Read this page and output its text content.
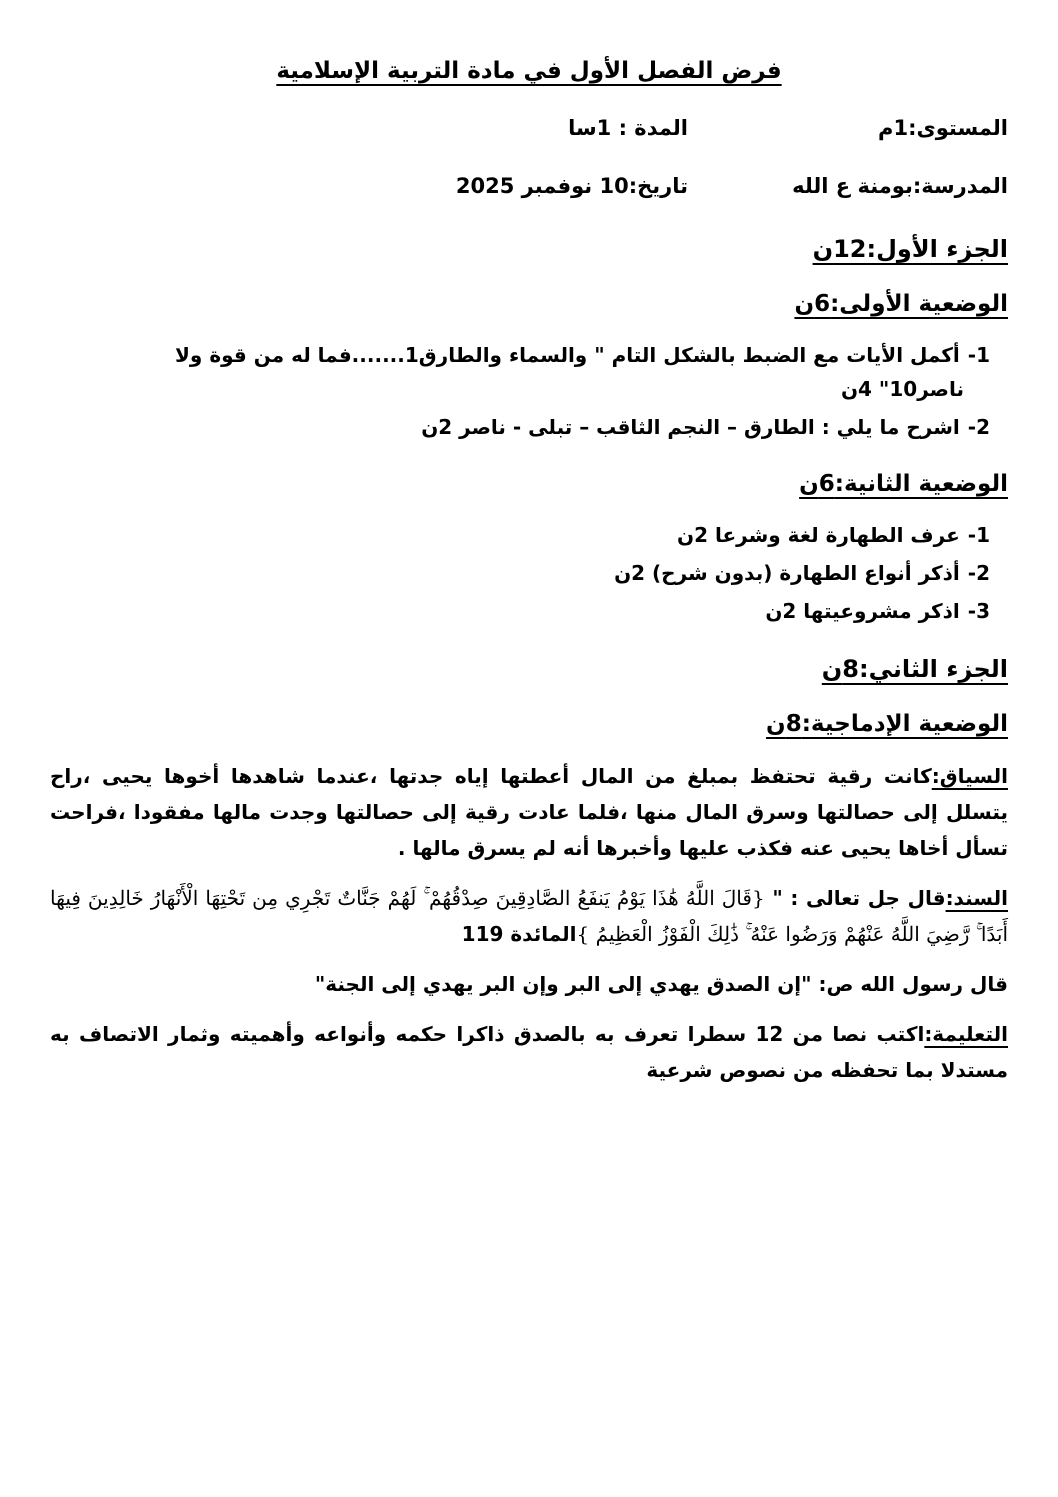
فرض الفصل الأول في مادة التربية الإسلامية
المستوى:1م
المدة : 1سا
المدرسة:بومنة ع الله
تاريخ:10 نوفمبر 2025
الجزء الأول:12ن
الوضعية الأولى:6ن
1-أكمل الأيات مع الضبط بالشكل التام " والسماء والطارق1.......فما له من قوة ولا
ناصر10" 4ن
2-اشرح ما يلي : الطارق – النجم الثاقب – تبلى - ناصر 2ن
الوضعية الثانية:6ن
1-عرف الطهارة لغة وشرعا 2ن
2-أذكر أنواع الطهارة (بدون شرح) 2ن
3-اذكر مشروعيتها 2ن
الجزء الثاني:8ن
الوضعية الإدماجية:8ن
السياق:كانت رقية تحتفظ بمبلغ من المال أعطتها إياه جدتها ،عندما شاهدها أخوها يحيى ،راح يتسلل إلى حصالتها وسرق المال منها ،فلما عادت رقية إلى حصالتها وجدت مالها مفقودا ،فراحت تسأل أخاها يحيى عنه فكذب عليها وأخبرها أنه لم يسرق مالها .
السند:قال جل تعالى : " {قَالَ اللَّهُ هَٰذَا يَوْمُ يَنفَعُ الصَّادِقِينَ صِدْقُهُمْ ۚ لَهُمْ جَنَّاتٌ تَجْرِي مِن تَحْتِهَا الْأَنْهَارُ خَالِدِينَ فِيهَا أَبَدًا ۚ رَّضِيَ اللَّهُ عَنْهُمْ وَرَضُوا عَنْهُ ۚ ذَٰلِكَ الْفَوْزُ الْعَظِيمُ }المائدة 119
قال رسول الله ص: "إن الصدق يهدي إلى البر وإن البر يهدي إلى الجنة"
التعليمة:اكتب نصا من 12 سطرا تعرف به بالصدق ذاكرا حكمه وأنواعه وأهميته وثمار الاتصاف به مستدلا بما تحفظه من نصوص شرعية
